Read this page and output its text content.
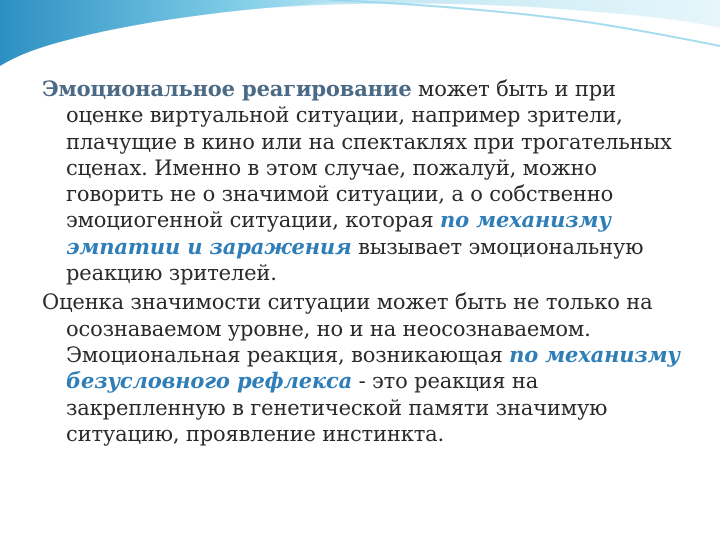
Эмоциональное реагирование может быть и при оценке виртуальной ситуации, например зрители, плачущие в кино или на спектаклях при трогательных сценах. Именно в этом случае, пожалуй, можно говорить не о значимой ситуации, а о собственно эмоциогенной ситуации, которая по механизму эмпатии и заражения вызывает эмоциональную реакцию зрителей.

Оценка значимости ситуации может быть не только на осознаваемом уровне, но и на неосознаваемом. Эмоциональная реакция, возникающая по механизму безусловного рефлекса - это реакция на закрепленную в генетической памяти значимую ситуацию, проявление инстинкта.
